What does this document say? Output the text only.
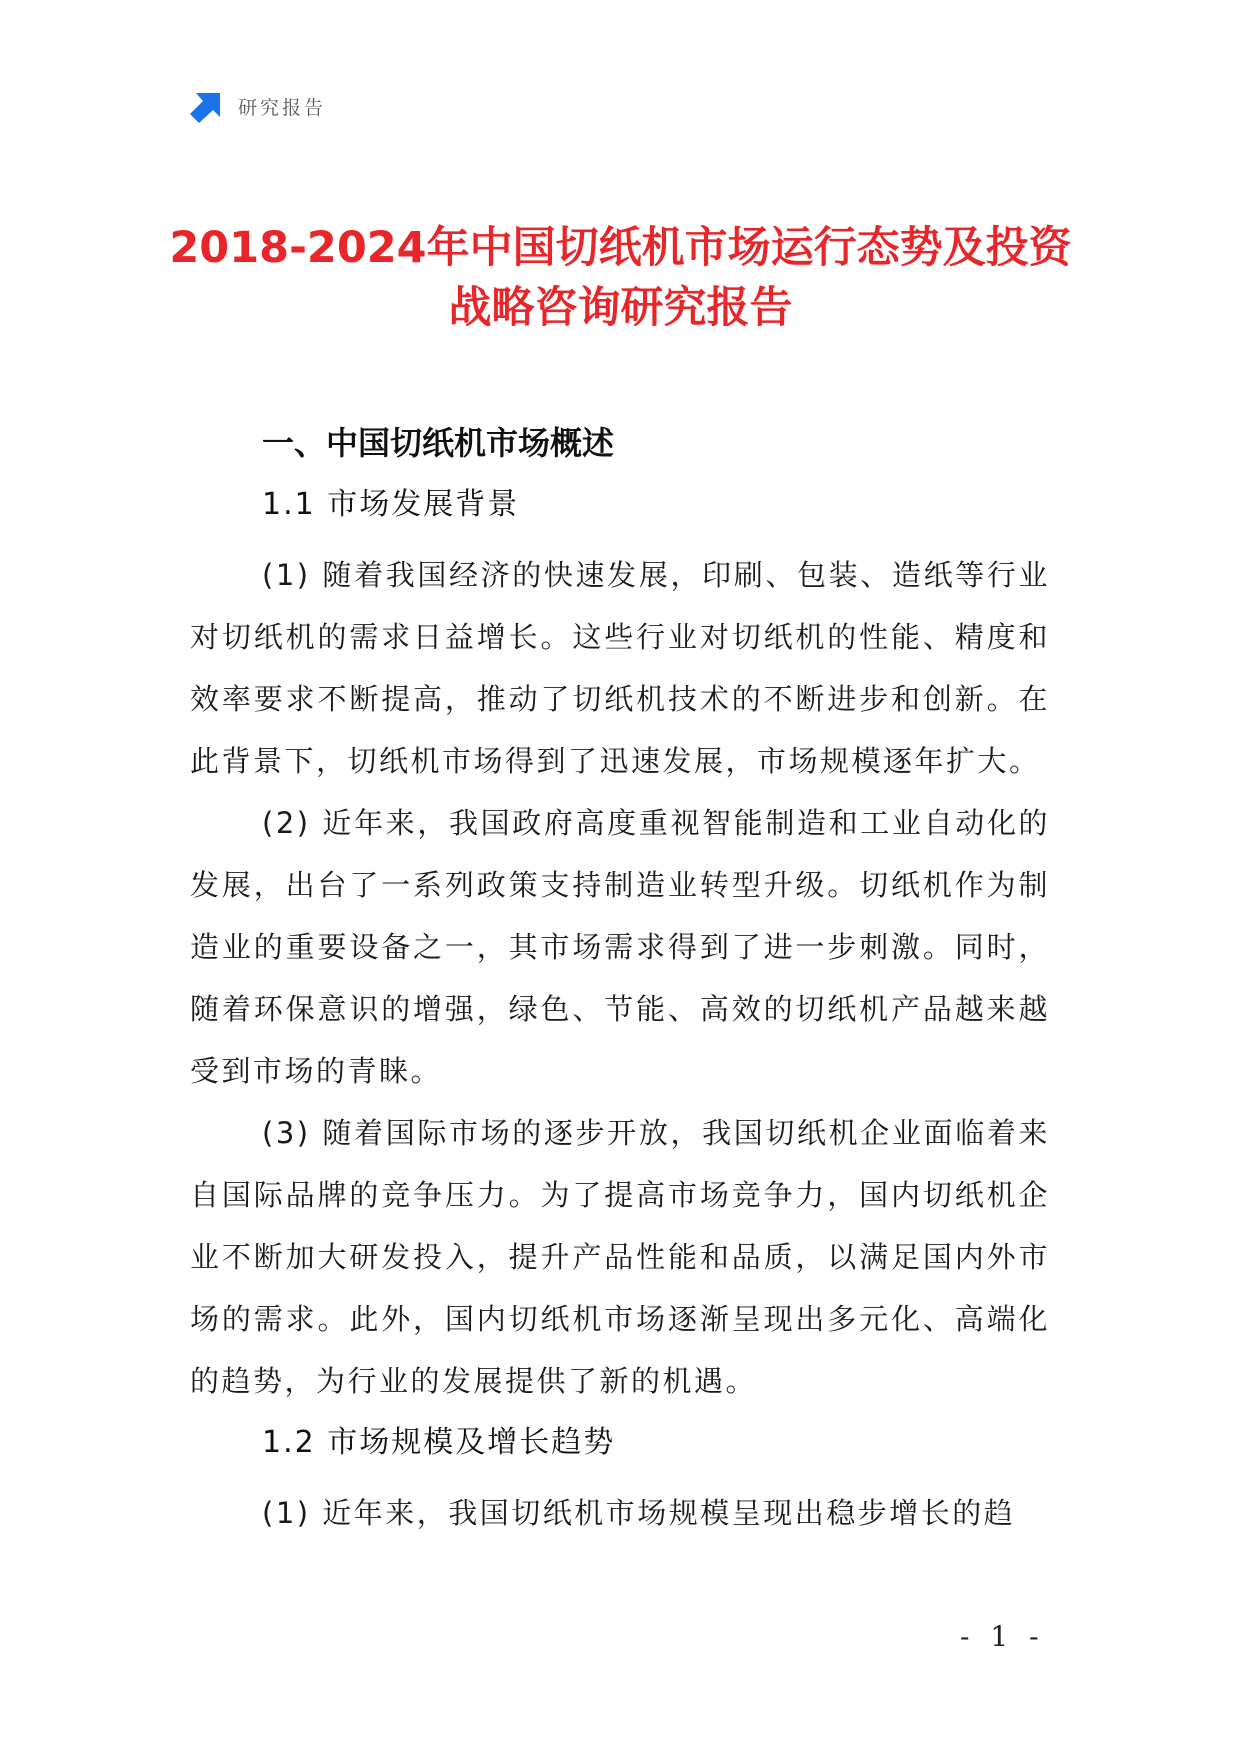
研究报告
2018-2024年中国切纸机市场运行态势及投资战略咨询研究报告
一、中国切纸机市场概述
1.1 市场发展背景

(1) 随着我国经济的快速发展，印刷、包装、造纸等行业对切纸机的需求日益增长。这些行业对切纸机的性能、精度和效率要求不断提高，推动了切纸机技术的不断进步和创新。在此背景下，切纸机市场得到了迅速发展，市场规模逐年扩大。

(2) 近年来，我国政府高度重视智能制造和工业自动化的发展，出台了一系列政策支持制造业转型升级。切纸机作为制造业的重要设备之一，其市场需求得到了进一步刺激。同时，随着环保意识的增强，绿色、节能、高效的切纸机产品越来越受到市场的青睐。

(3) 随着国际市场的逐步开放，我国切纸机企业面临着来自国际品牌的竞争压力。为了提高市场竞争力，国内切纸机企业不断加大研发投入，提升产品性能和品质，以满足国内外市场的需求。此外，国内切纸机市场逐渐呈现出多元化、高端化的趋势，为行业的发展提供了新的机遇。

1.2 市场规模及增长趋势

(1) 近年来，我国切纸机市场规模呈现出稳步增长的趋

- 1 -
